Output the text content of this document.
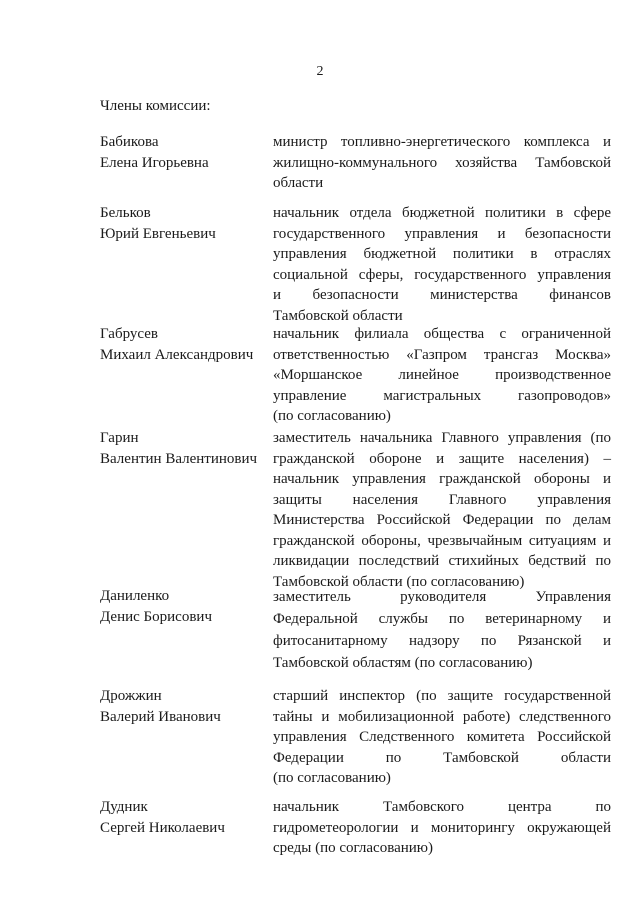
2
Члены комиссии:
Бабикова
Елена Игорьевна
министр топливно-энергетического комплекса и
жилищно-коммунального хозяйства Тамбовской
области
Бельков
Юрий Евгеньевич
начальник отдела бюджетной политики в сфере
государственного управления и безопасности
управления бюджетной политики в отраслях
социальной сферы, государственного управления
и безопасности министерства финансов
Тамбовской области
Габрусев
Михаил Александрович
начальник филиала общества с ограниченной
ответственностью «Газпром трансгаз Москва»
«Моршанское линейное производственное
управление магистральных газопроводов»
(по согласованию)
Гарин
Валентин Валентинович
заместитель начальника Главного управления (по
гражданской обороне и защите населения) –
начальник управления гражданской обороны и
защиты населения Главного управления
Министерства Российской Федерации по делам
гражданской обороны, чрезвычайным ситуациям и
ликвидации последствий стихийных бедствий по
Тамбовской области (по согласованию)
Даниленко
Денис Борисович
заместитель руководителя Управления
Федеральной службы по ветеринарному и
фитосанитарному надзору по Рязанской и
Тамбовской областям (по согласованию)
Дрожжин
Валерий Иванович
старший инспектор (по защите государственной
тайны и мобилизационной работе) следственного
управления Следственного комитета Российской
Федерации по Тамбовской области
(по согласованию)
Дудник
Сергей Николаевич
начальник Тамбовского центра по
гидрометеорологии и мониторингу окружающей
среды (по согласованию)
